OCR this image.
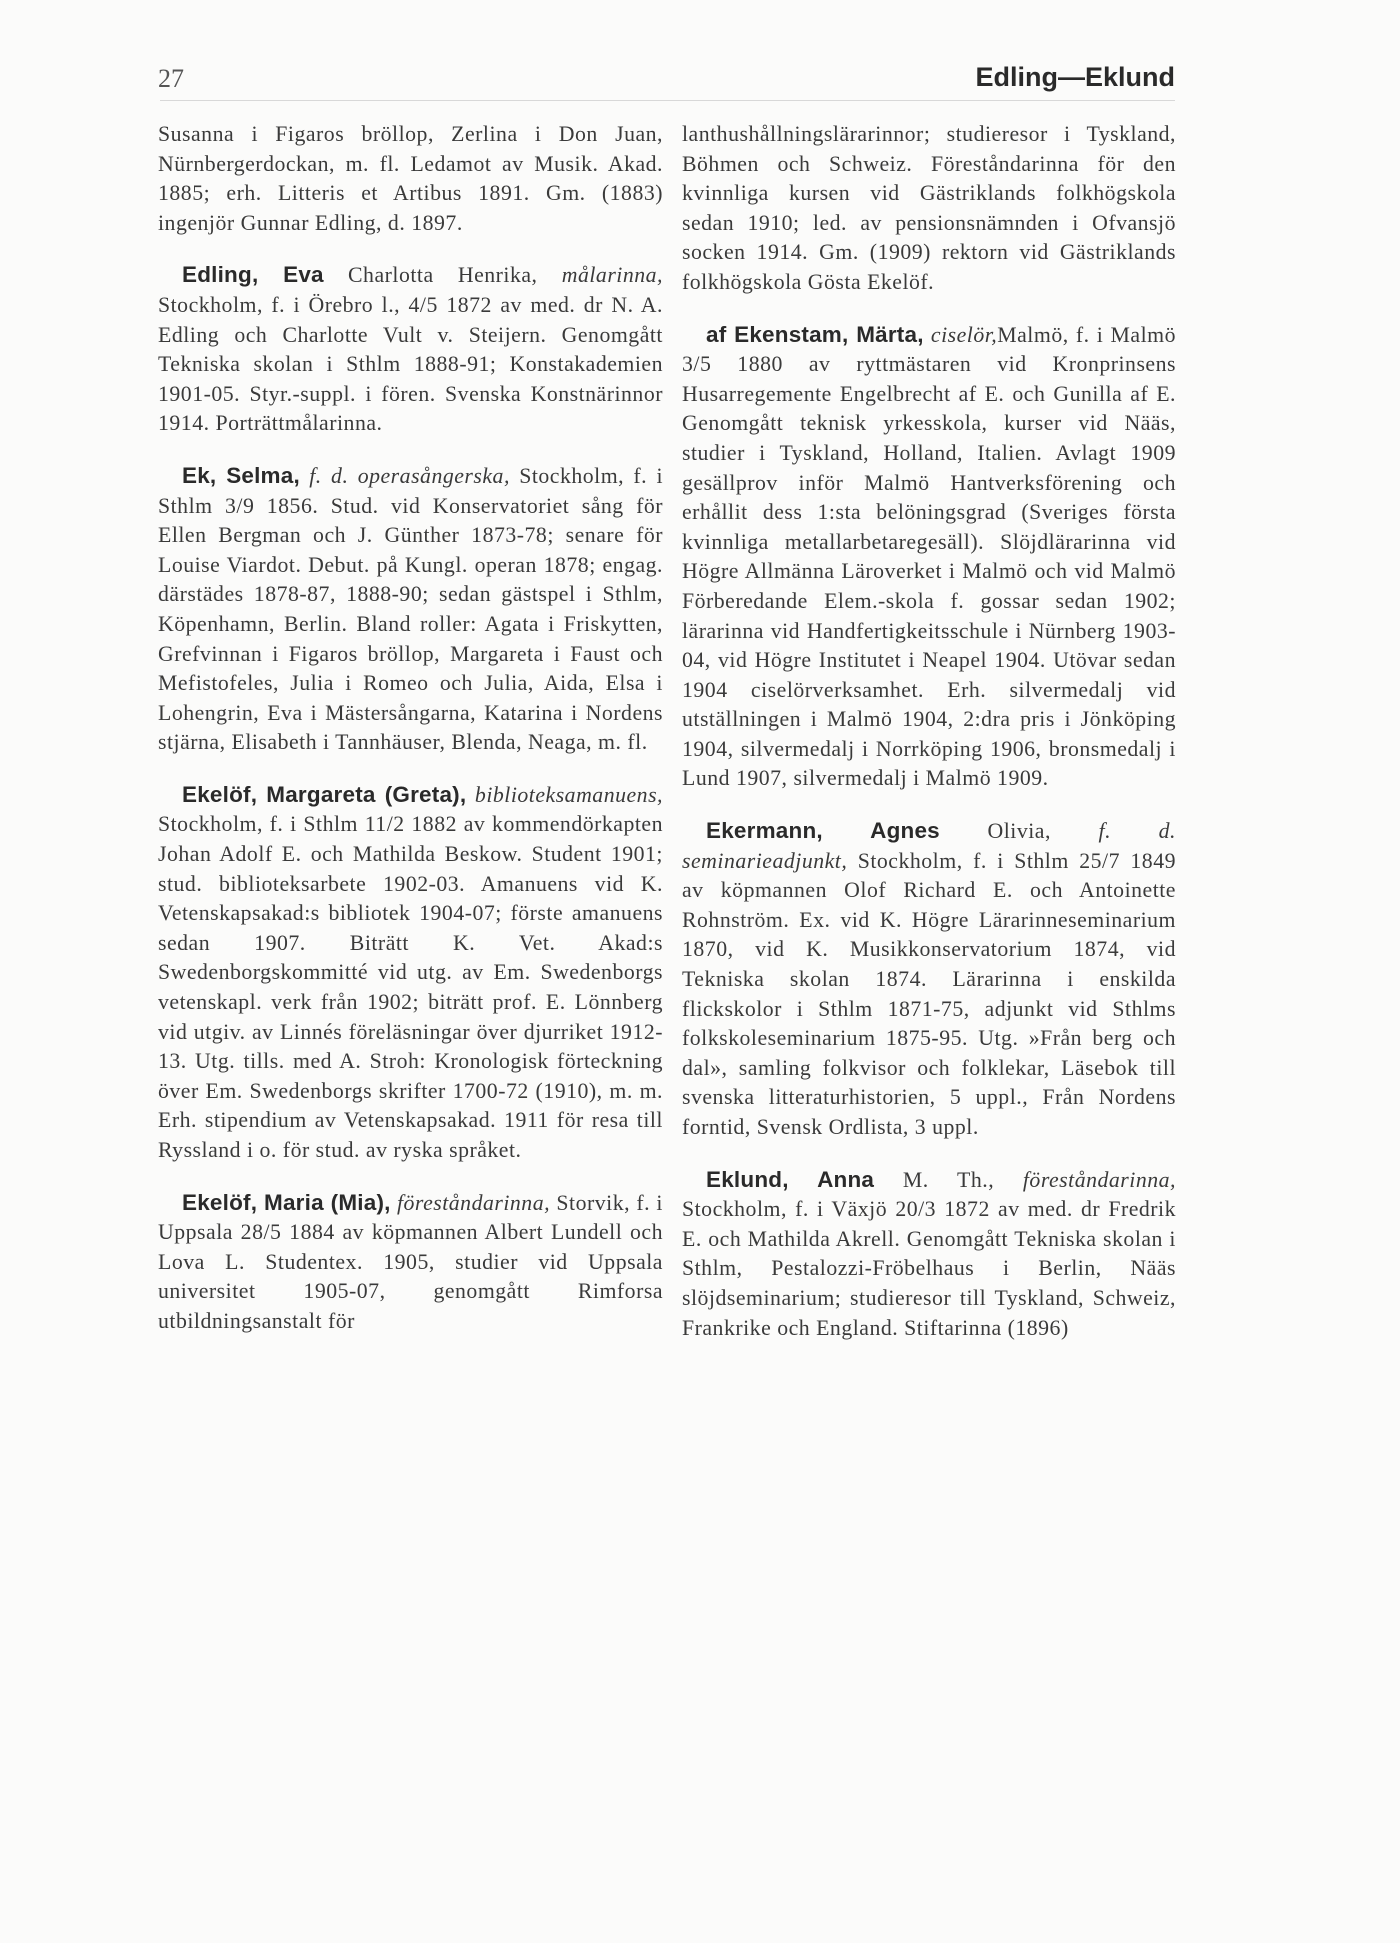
27	Edling—Eklund

Susanna i Figaros bröllop, Zerlina i Don Juan, Nürnbergerdockan, m. fl. Ledamot av Musik. Akad. 1885; erh. Litteris et Artibus 1891. Gm. (1883) ingenjör Gunnar Edling, d. 1897.

Edling, Eva Charlotta Henrika, målarinna, Stockholm, f. i Örebro l., 4/5 1872 av med. dr N. A. Edling och Charlotte Vult v. Steijern. Genomgått Tekniska skolan i Sthlm 1888-91; Konstakademien 1901-05. Styr.-suppl. i fören. Svenska Konstnärinnor 1914. Porträttmålarinna.

Ek, Selma, f. d. operasångerska, Stockholm, f. i Sthlm 3/9 1856. Stud. vid Konservatoriet sång för Ellen Bergman och J. Günther 1873-78; senare för Louise Viardot. Debut. på Kungl. operan 1878; engag. därstädes 1878-87, 1888-90; sedan gästspel i Sthlm, Köpenhamn, Berlin. Bland roller: Agata i Friskytten, Grefvinnan i Figaros bröllop, Margareta i Faust och Mefistofeles, Julia i Romeo och Julia, Aida, Elsa i Lohengrin, Eva i Mästersångarna, Katarina i Nordens stjärna, Elisabeth i Tannhäuser, Blenda, Neaga, m. fl.

Ekelöf, Margareta (Greta), biblioteksamanuens, Stockholm, f. i Sthlm 11/2 1882 av kommendörkapten Johan Adolf E. och Mathilda Beskow. Student 1901; stud. biblioteksarbete 1902-03. Amanuens vid K. Vetenskapsakad:s bibliotek 1904-07; förste amanuens sedan 1907. Biträtt K. Vet. Akad:s Swedenborgskommitté vid utg. av Em. Swedenborgs vetenskapl. verk från 1902; biträtt prof. E. Lönnberg vid utgiv. av Linnés föreläsningar över djurriket 1912-13. Utg. tills. med A. Stroh: Kronologisk förteckning över Em. Swedenborgs skrifter 1700-72 (1910), m. m. Erh. stipendium av Vetenskapsakad. 1911 för resa till Ryssland i o. för stud. av ryska språket.

Ekelöf, Maria (Mia), föreståndarinna, Storvik, f. i Uppsala 28/5 1884 av köpmannen Albert Lundell och Lova L. Studentex. 1905, studier vid Uppsala universitet 1905-07, genomgått Rimforsa utbildningsanstalt för

lanthushållningslärarinnor; studieresor i Tyskland, Böhmen och Schweiz. Föreståndarinna för den kvinnliga kursen vid Gästriklands folkhögskola sedan 1910; led. av pensionsnämnden i Ofvansjö socken 1914. Gm. (1909) rektorn vid Gästriklands folkhögskola Gösta Ekelöf.

af Ekenstam, Märta, ciselör,Malmö, f. i Malmö 3/5 1880 av ryttmästaren vid Kronprinsens Husarregemente Engelbrecht af E. och Gunilla af E. Genomgått teknisk yrkesskola, kurser vid Nääs, studier i Tyskland, Holland, Italien. Avlagt 1909 gesällprov inför Malmö Hantverksförening och erhållit dess 1:sta belöningsgrad (Sveriges första kvinnliga metallarbetaregesäll). Slöjdlärarinna vid Högre Allmänna Läroverket i Malmö och vid Malmö Förberedande Elem.-skola f. gossar sedan 1902; lärarinna vid Handfertigkeitsschule i Nürnberg 1903-04, vid Högre Institutet i Neapel 1904. Utövar sedan 1904 ciselörverksamhet. Erh. silvermedalj vid utställningen i Malmö 1904, 2:dra pris i Jönköping 1904, silvermedalj i Norrköping 1906, bronsmedalj i Lund 1907, silvermedalj i Malmö 1909.

Ekermann, Agnes Olivia, f. d. seminarieadjunkt, Stockholm, f. i Sthlm 25/7 1849 av köpmannen Olof Richard E. och Antoinette Rohnström. Ex. vid K. Högre Lärarinneseminarium 1870, vid K. Musikkonservatorium 1874, vid Tekniska skolan 1874. Lärarinna i enskilda flickskolor i Sthlm 1871-75, adjunkt vid Sthlms folkskoleseminarium 1875-95. Utg. »Från berg och dal», samling folkvisor och folklekar, Läsebok till svenska litteraturhistorien, 5 uppl., Från Nordens forntid, Svensk Ordlista, 3 uppl.

Eklund, Anna M. Th., föreståndarinna, Stockholm, f. i Växjö 20/3 1872 av med. dr Fredrik E. och Mathilda Akrell. Genomgått Tekniska skolan i Sthlm, Pestalozzi-Fröbelhaus i Berlin, Nääs slöjdseminarium; studieresor till Tyskland, Schweiz, Frankrike och England. Stiftarinna (1896)
